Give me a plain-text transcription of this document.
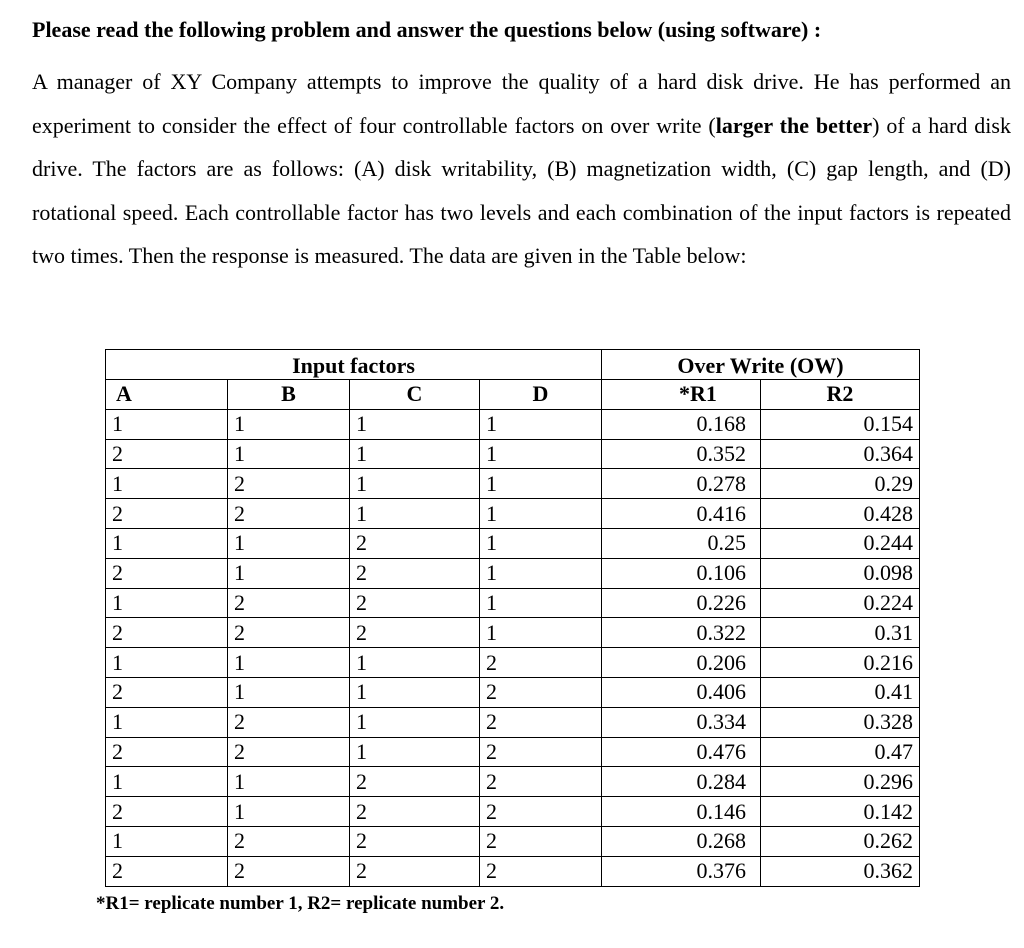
Please read the following problem and answer the questions below (using software) :
A manager of XY Company attempts to improve the quality of a hard disk drive. He has performed an experiment to consider the effect of four controllable factors on over write (larger the better) of a hard disk drive. The factors are as follows: (A) disk writability, (B) magnetization width, (C) gap length, and (D) rotational speed. Each controllable factor has two levels and each combination of the input factors is repeated two times. Then the response is measured. The data are given in the Table below:
Input factors				Over Write (OW)	
A	B	C	D	*R1	R2
1	1	1	1	0.168	0.154
2	1	1	1	0.352	0.364
1	2	1	1	0.278	0.29
2	2	1	1	0.416	0.428
1	1	2	1	0.25	0.244
2	1	2	1	0.106	0.098
1	2	2	1	0.226	0.224
2	2	2	1	0.322	0.31
1	1	1	2	0.206	0.216
2	1	1	2	0.406	0.41
1	2	1	2	0.334	0.328
2	2	1	2	0.476	0.47
1	1	2	2	0.284	0.296
2	1	2	2	0.146	0.142
1	2	2	2	0.268	0.262
2	2	2	2	0.376	0.362
*R1= replicate number 1, R2= replicate number 2.
